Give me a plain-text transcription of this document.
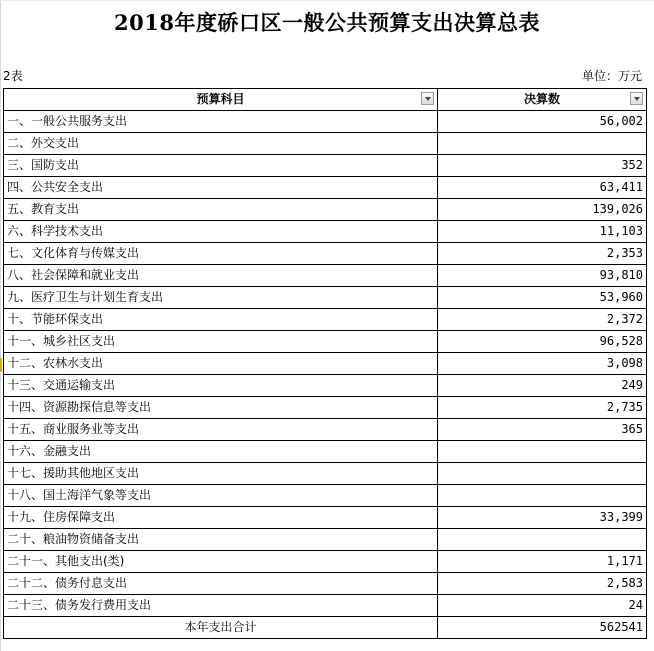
2018年度硚口区一般公共预算支出决算总表
2表	单位：万元
预算科目	决算数

一、一般公共服务支出	56,002
二、外交支出	
三、国防支出	352
四、公共安全支出	63,411
五、教育支出	139,026
六、科学技术支出	11,103
七、文化体育与传媒支出	2,353
八、社会保障和就业支出	93,810
九、医疗卫生与计划生育支出	53,960
十、节能环保支出	2,372
十一、城乡社区支出	96,528
十二、农林水支出	3,098
十三、交通运输支出	249
十四、资源勘探信息等支出	2,735
十五、商业服务业等支出	365
十六、金融支出	
十七、援助其他地区支出	
十八、国土海洋气象等支出	
十九、住房保障支出	33,399
二十、粮油物资储备支出	
二十一、其他支出(类)	1,171
二十二、债务付息支出	2,583
二十三、债务发行费用支出	24
本年支出合计	562541
